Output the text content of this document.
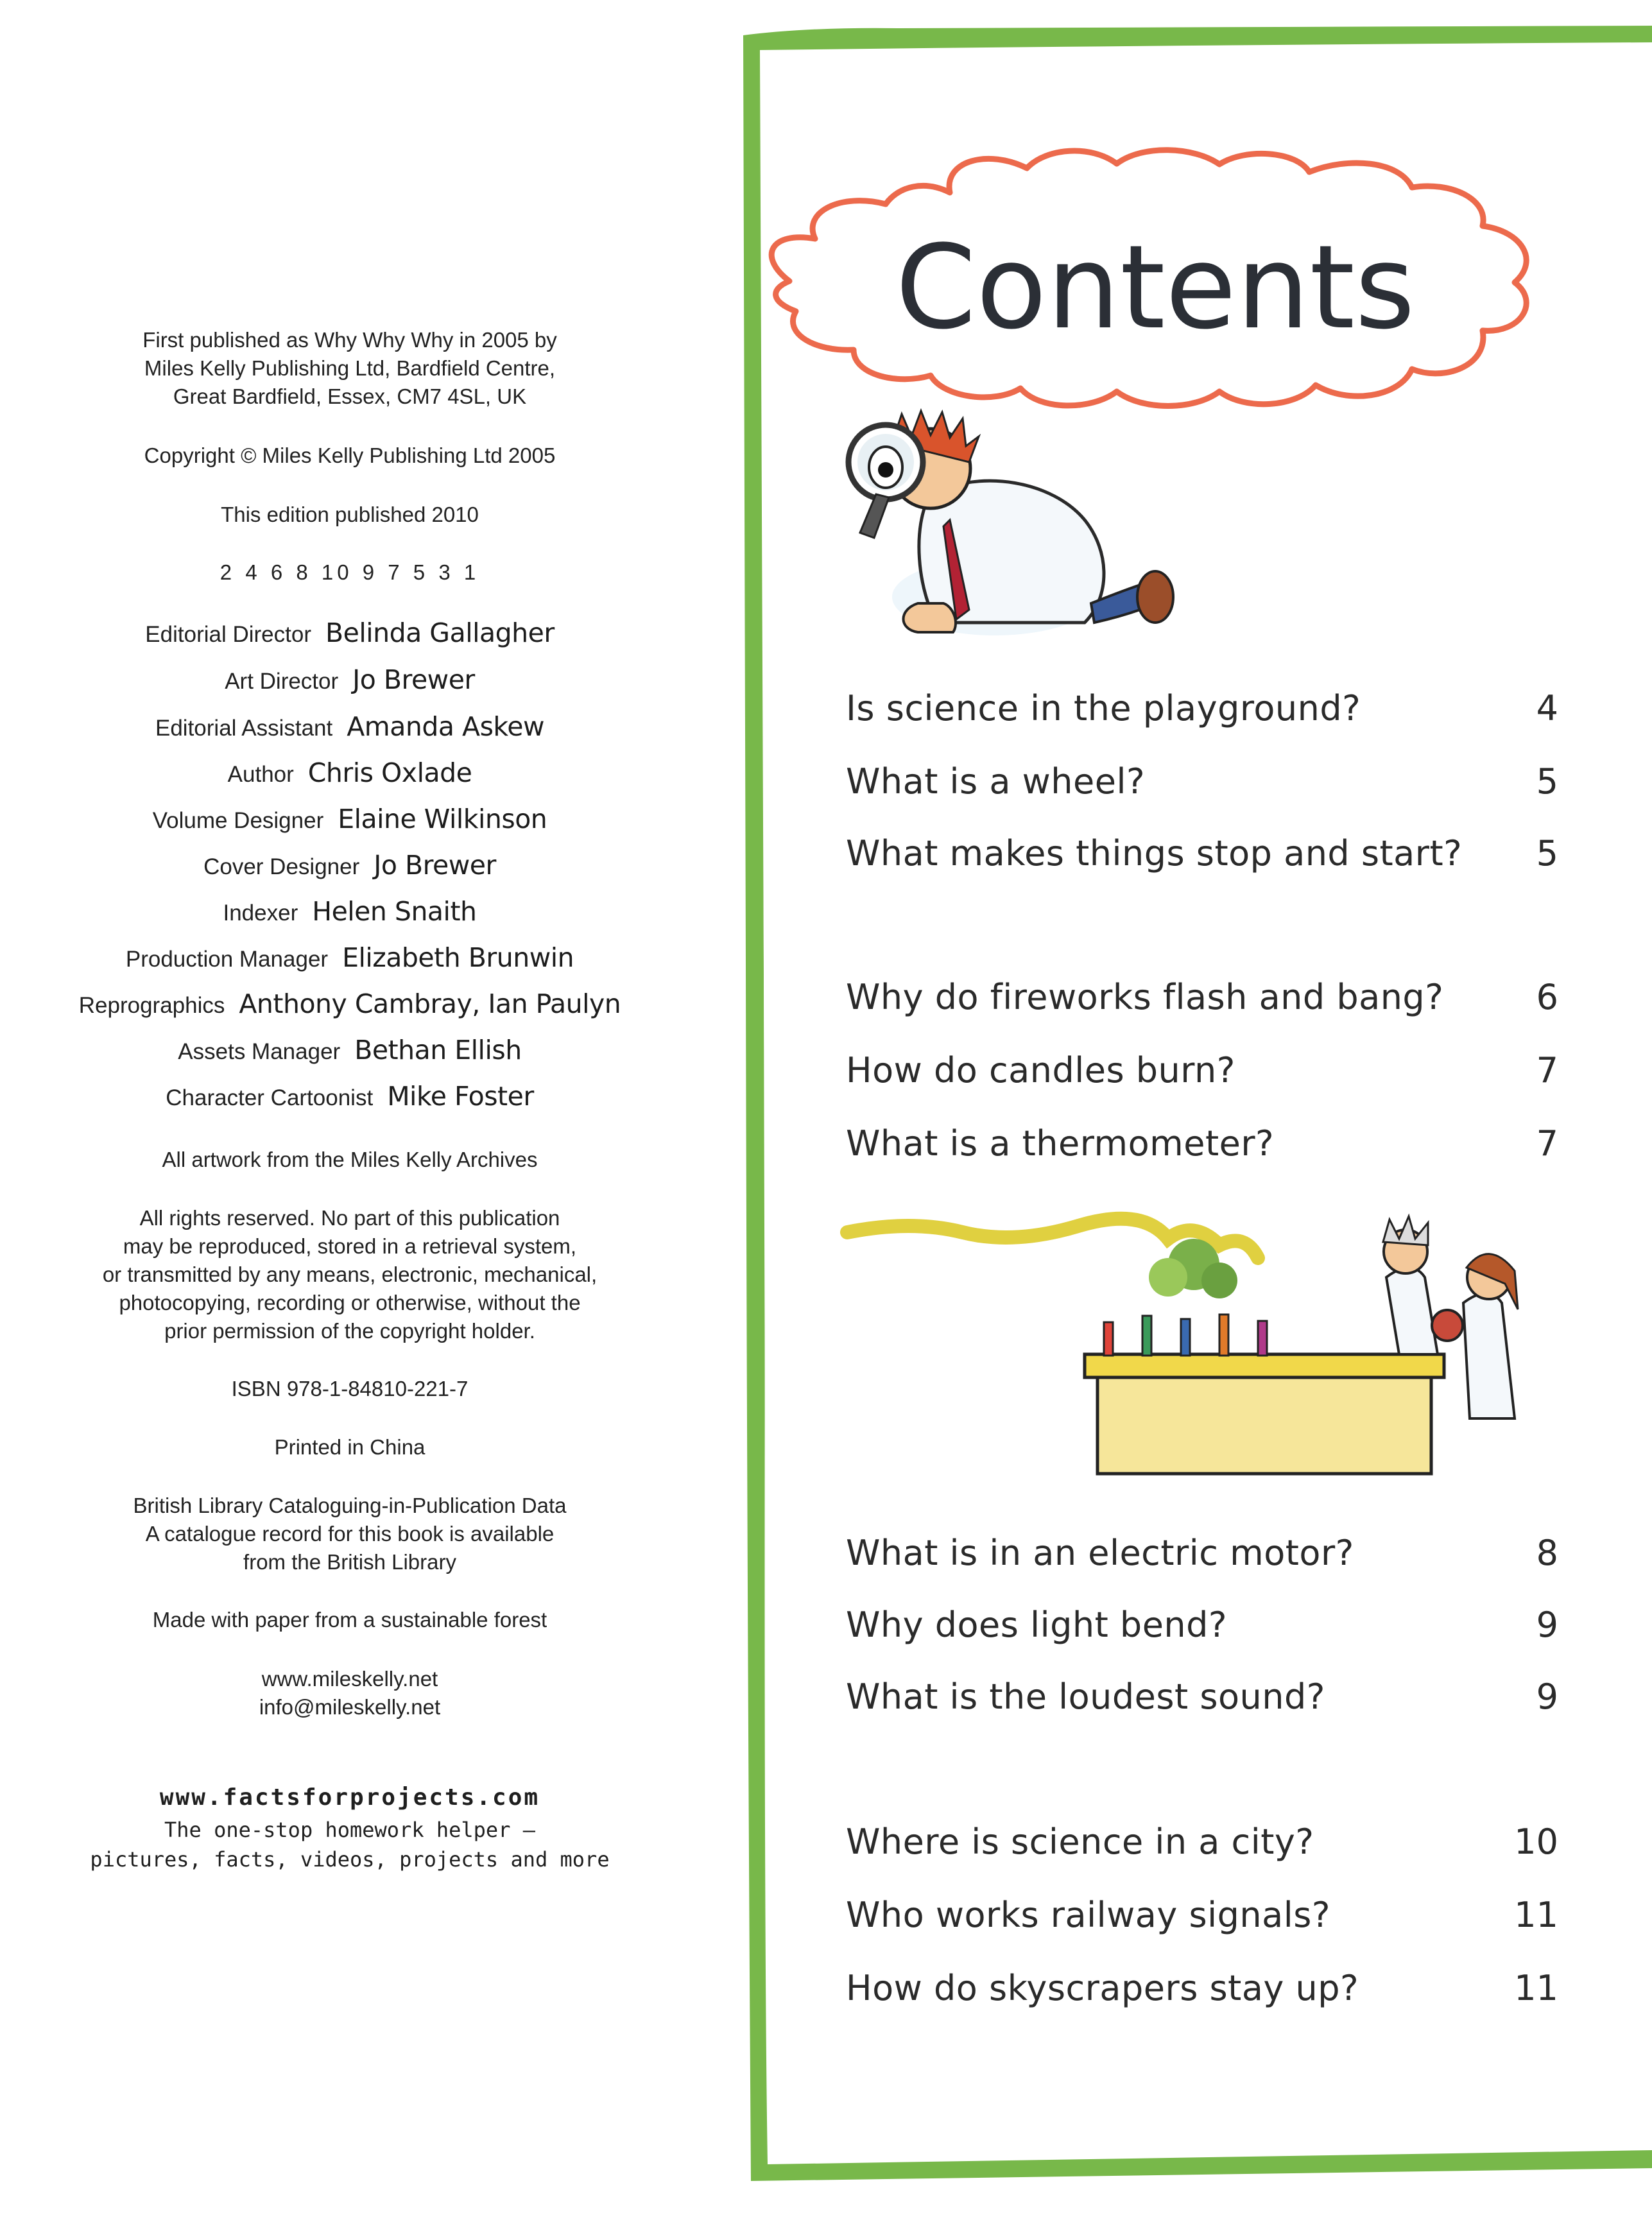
First published as Why Why Why in 2005 by
Miles Kelly Publishing Ltd, Bardfield Centre,
Great Bardfield, Essex, CM7 4SL, UK
Copyright © Miles Kelly Publishing Ltd 2005
This edition published 2010
2 4 6 8 10 9 7 5 3 1
Editorial Director Belinda Gallagher
Art Director Jo Brewer
Editorial Assistant Amanda Askew
Author Chris Oxlade
Volume Designer Elaine Wilkinson
Cover Designer Jo Brewer
Indexer Helen Snaith
Production Manager Elizabeth Brunwin
Reprographics Anthony Cambray, Ian Paulyn
Assets Manager Bethan Ellish
Character Cartoonist Mike Foster
All artwork from the Miles Kelly Archives
All rights reserved. No part of this publication
may be reproduced, stored in a retrieval system,
or transmitted by any means, electronic, mechanical,
photocopying, recording or otherwise, without the
prior permission of the copyright holder.
ISBN 978-1-84810-221-7
Printed in China
British Library Cataloguing-in-Publication Data
A catalogue record for this book is available
from the British Library
Made with paper from a sustainable forest
www.mileskelly.net
info@mileskelly.net
www.factsforprojects.com
The one-stop homework helper –
pictures, facts, videos, projects and more
Contents
Is science in the playground?	4
What is a wheel?	5
What makes things stop and start? 5
Why do fireworks flash and bang?	6
How do candles burn?	7
What is a thermometer?	7
What is in an electric motor?	8
Why does light bend?	9
What is the loudest sound?	9
Where is science in a city?	10
Who works railway signals?	11
How do skyscrapers stay up?	11
